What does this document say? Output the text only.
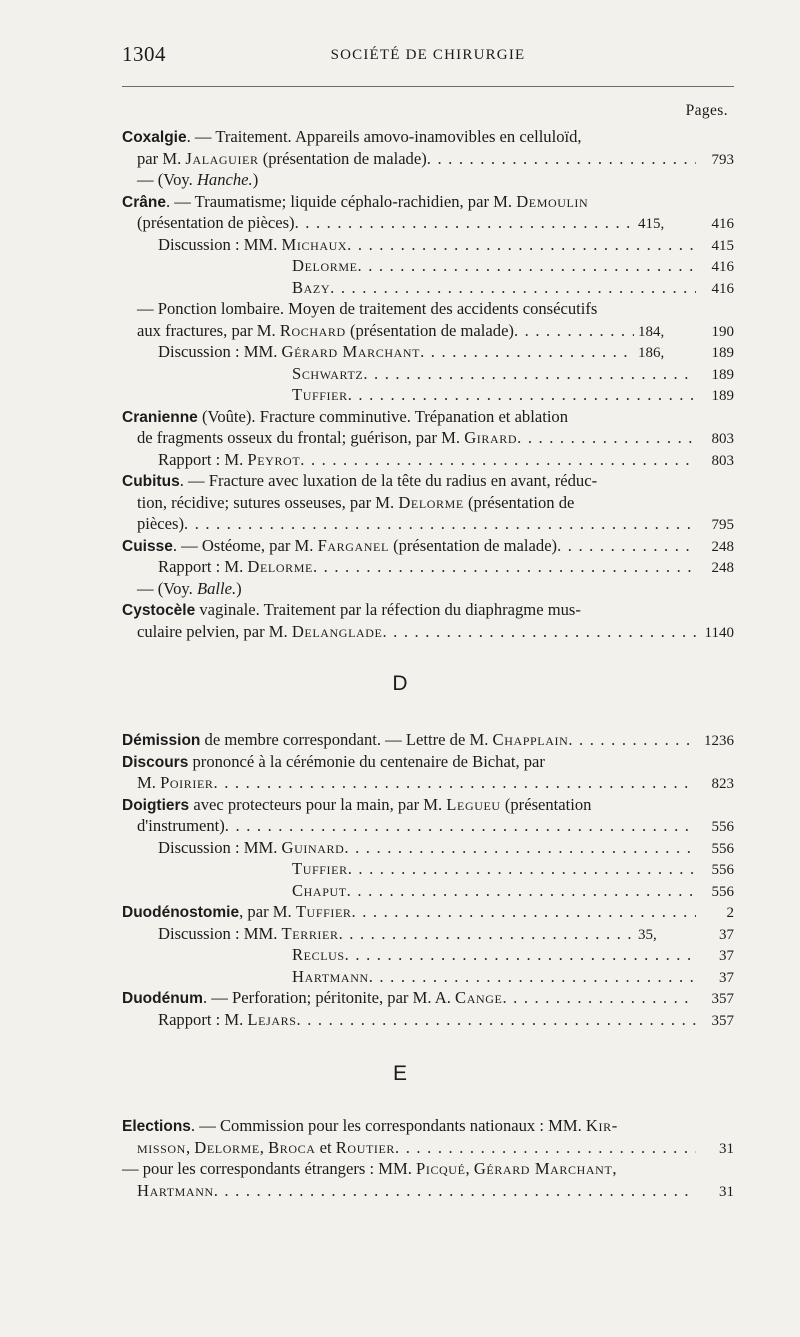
1304	SOCIÉTÉ DE CHIRURGIE
Pages.
Coxalgie. — Traitement. Appareils amovo-inamovibles en celluloïd,
par M. Jalaguier (présentation de malade) . . .	793
— (Voy. Hanche.)
Crâne. — Traumatisme; liquide céphalo-rachidien, par M. Demoulin
(présentation de pièces) . . .	415,	416
Discussion : MM. Michaux . . .	415
Delorme . . .	416
Bazy . . .	416
— Ponction lombaire. Moyen de traitement des accidents consécutifs
aux fractures, par M. Rochard (présentation de malade) . . .	184,	190
Discussion : MM. Gérard Marchant . . .	186,	189
Schwartz . . .	189
Tuffier . . .	189
Cranienne (Voûte). Fracture comminutive. Trépanation et ablation
de fragments osseux du frontal; guérison, par M. Girard . . .	803
Rapport : M. Peyrot . . .	803
Cubitus. — Fracture avec luxation de la tête du radius en avant, réduc-
tion, récidive; sutures osseuses, par M. Delorme (présentation de
pièces) . . .	795
Cuisse. — Ostéome, par M. Farganel (présentation de malade) . . .	248
Rapport : M. Delorme . . .	248
— (Voy. Balle.)
Cystocèle vaginale. Traitement par la réfection du diaphragme mus-
culaire pelvien, par M. Delanglade . . .	1140
D
Démission de membre correspondant. — Lettre de M. Chapplain . . .	1236
Discours prononcé à la cérémonie du centenaire de Bichat, par
M. Poirier . . .	823
Doigtiers avec protecteurs pour la main, par M. Legueu (présentation
d'instrument) . . .	556
Discussion : MM. Guinard . . .	556
Tuffier . . .	556
Chaput . . .	556
Duodénostomie, par M. Tuffier . . .	2
Discussion : MM. Terrier . . .	35,	37
Reclus . . .	37
Hartmann . . .	37
Duodénum. — Perforation; péritonite, par M. A. Cange . . .	357
Rapport : M. Lejars . . .	357
E
Elections. — Commission pour les correspondants nationaux : MM. Kir-
misson, Delorme, Broca et Routier . . .	31
— pour les correspondants étrangers : MM. Picqué, Gérard Marchant,
Hartmann . . .	31
